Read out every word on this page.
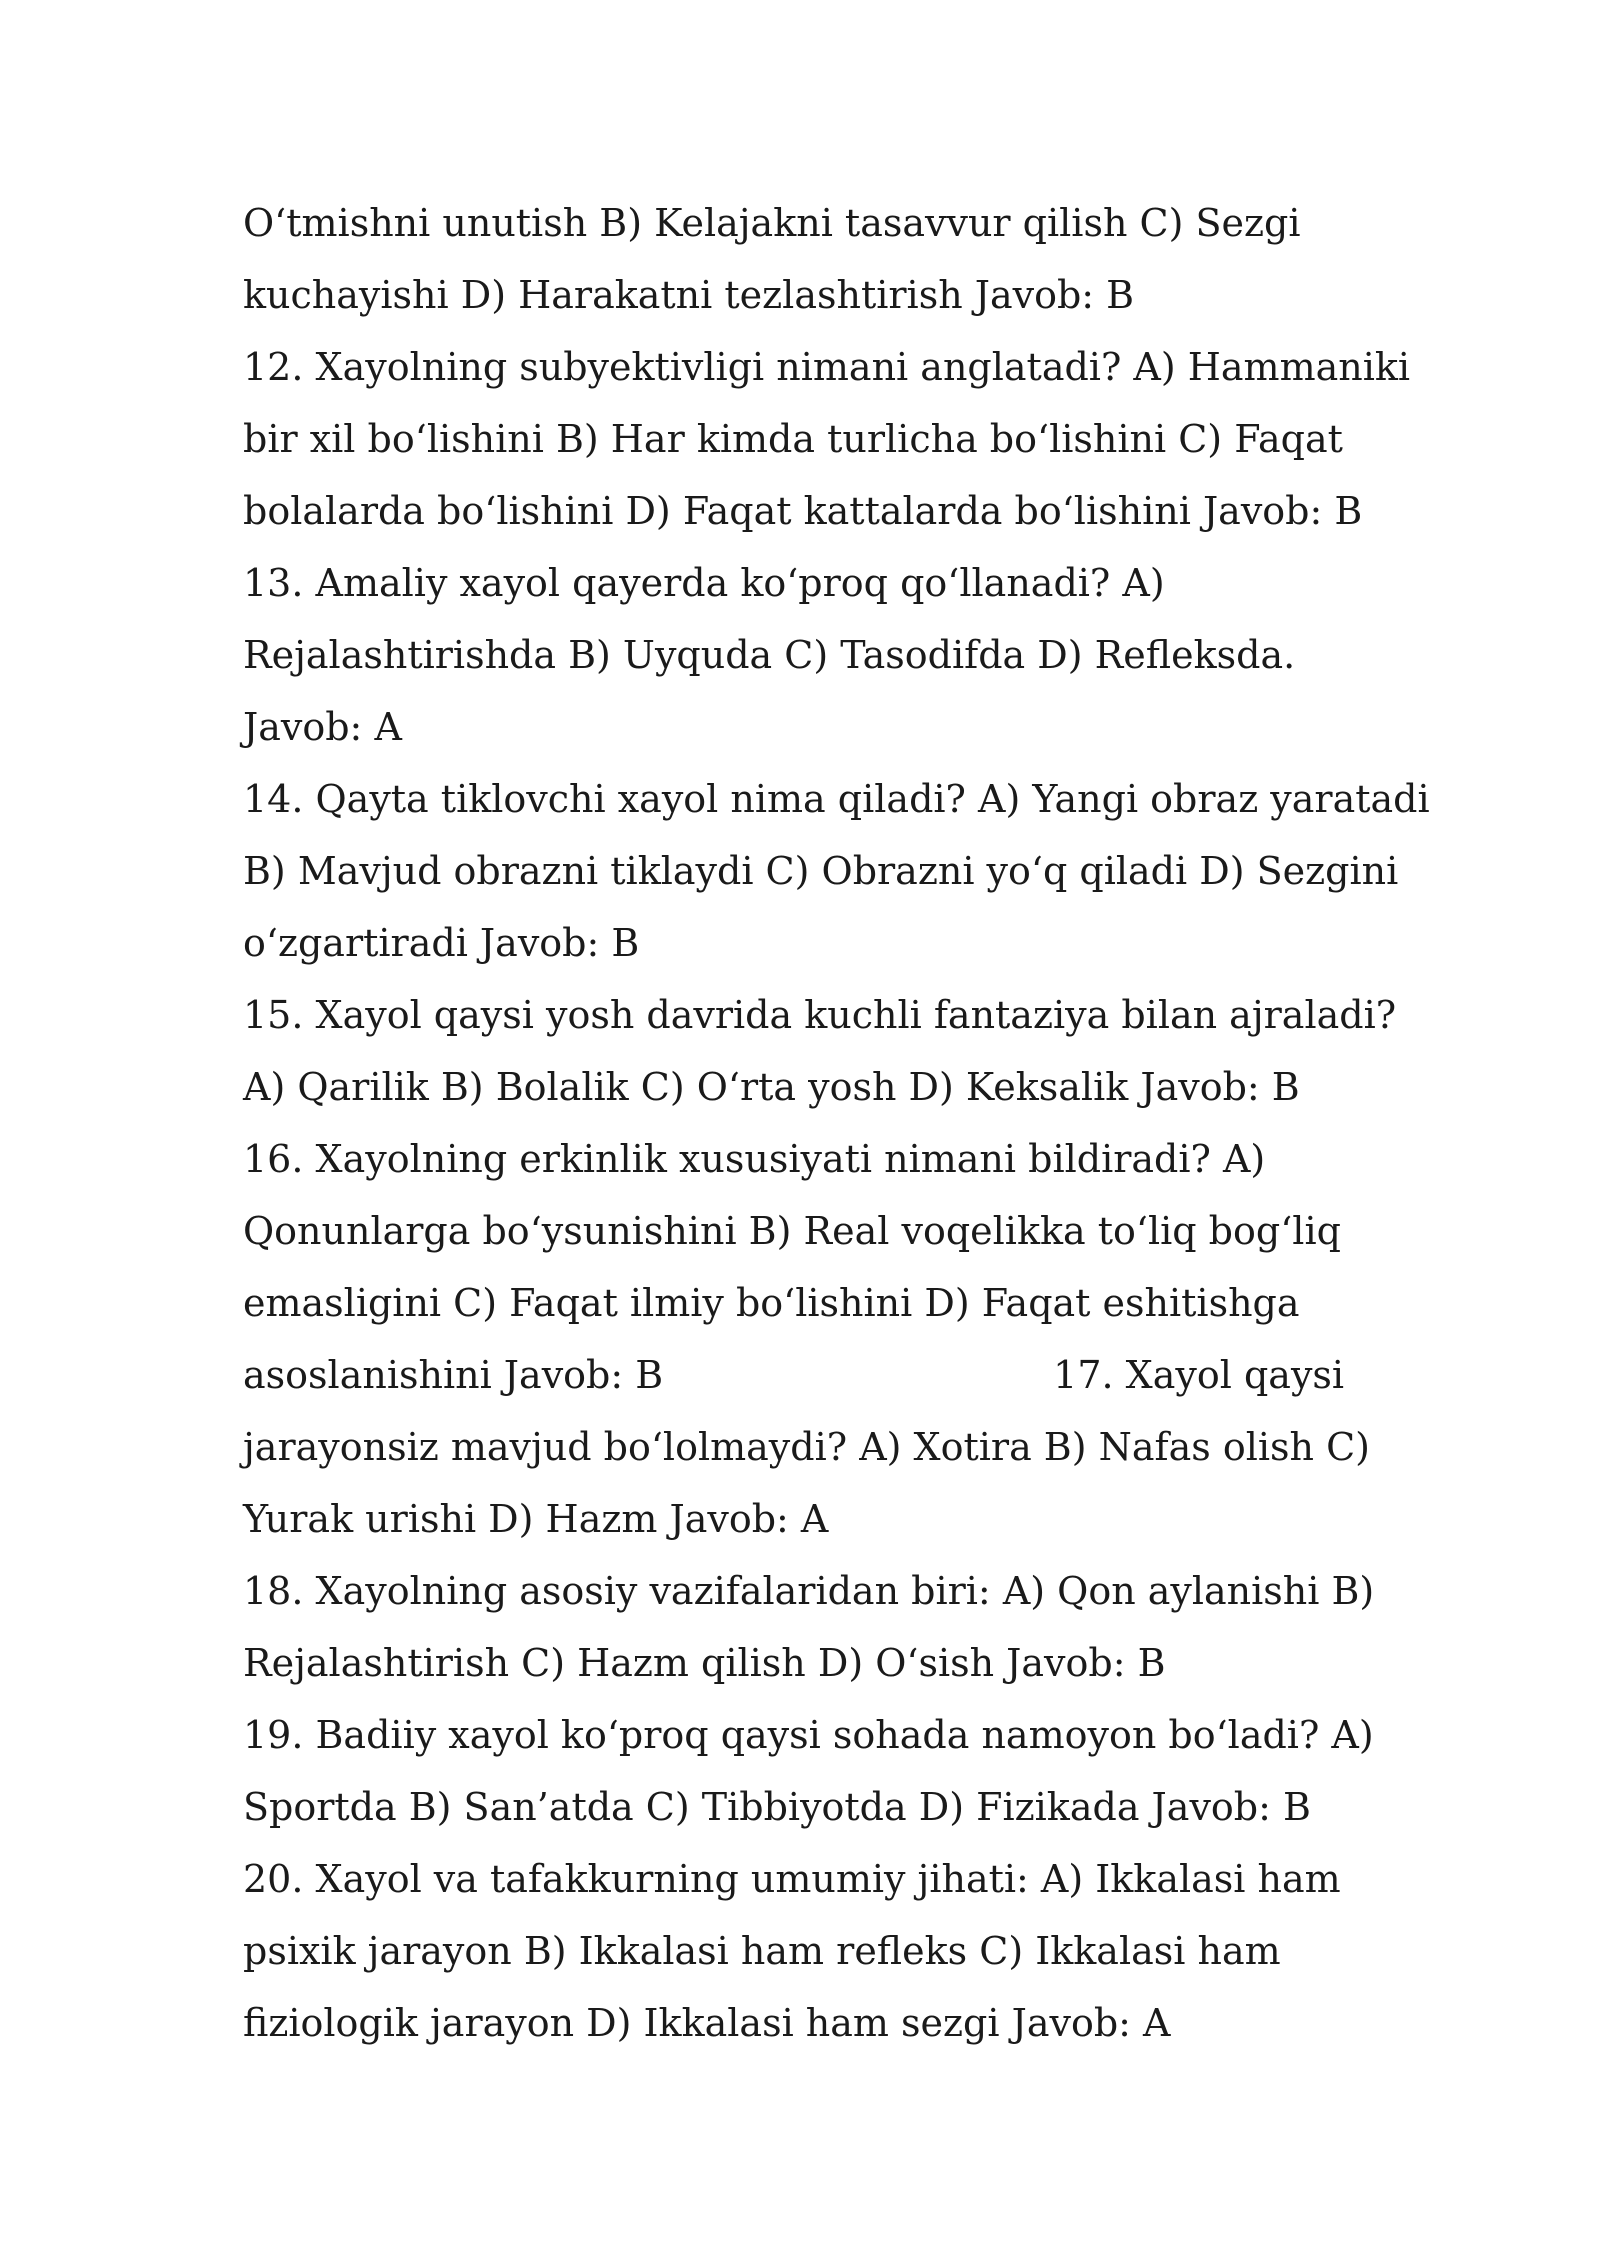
O‘tmishni unutish B) Kelajakni tasavvur qilish C) Sezgi
kuchayishi D) Harakatni tezlashtirish Javob: B
12. Xayolning subyektivligi nimani anglatadi? A) Hammaniki
bir xil bo‘lishini B) Har kimda turlicha bo‘lishini C) Faqat
bolalarda bo‘lishini D) Faqat kattalarda bo‘lishini Javob: B
13. Amaliy xayol qayerda ko‘proq qo‘llanadi? A)
Rejalashtirishda B) Uyquda C) Tasodifda D) Refleksda.
Javob: A
14. Qayta tiklovchi xayol nima qiladi? A) Yangi obraz yaratadi
B) Mavjud obrazni tiklaydi C) Obrazni yo‘q qiladi D) Sezgini
o‘zgartiradi Javob: B
15. Xayol qaysi yosh davrida kuchli fantaziya bilan ajraladi?
A) Qarilik B) Bolalik C) O‘rta yosh D) Keksalik Javob: B
16. Xayolning erkinlik xususiyati nimani bildiradi? A)
Qonunlarga bo‘ysunishini B) Real voqelikka to‘liq bog‘liq
emasligini C) Faqat ilmiy bo‘lishini D) Faqat eshitishga
asoslanishini Javob: B	17. Xayol qaysi
jarayonsiz mavjud bo‘lolmaydi? A) Xotira B) Nafas olish C)
Yurak urishi D) Hazm Javob: A
18. Xayolning asosiy vazifalaridan biri: A) Qon aylanishi B)
Rejalashtirish C) Hazm qilish D) O‘sish Javob: B
19. Badiiy xayol ko‘proq qaysi sohada namoyon bo‘ladi? A)
Sportda B) San’atda C) Tibbiyotda D) Fizikada Javob: B
20. Xayol va tafakkurning umumiy jihati: A) Ikkalasi ham
psixik jarayon B) Ikkalasi ham refleks C) Ikkalasi ham
fiziologik jarayon D) Ikkalasi ham sezgi Javob: A
